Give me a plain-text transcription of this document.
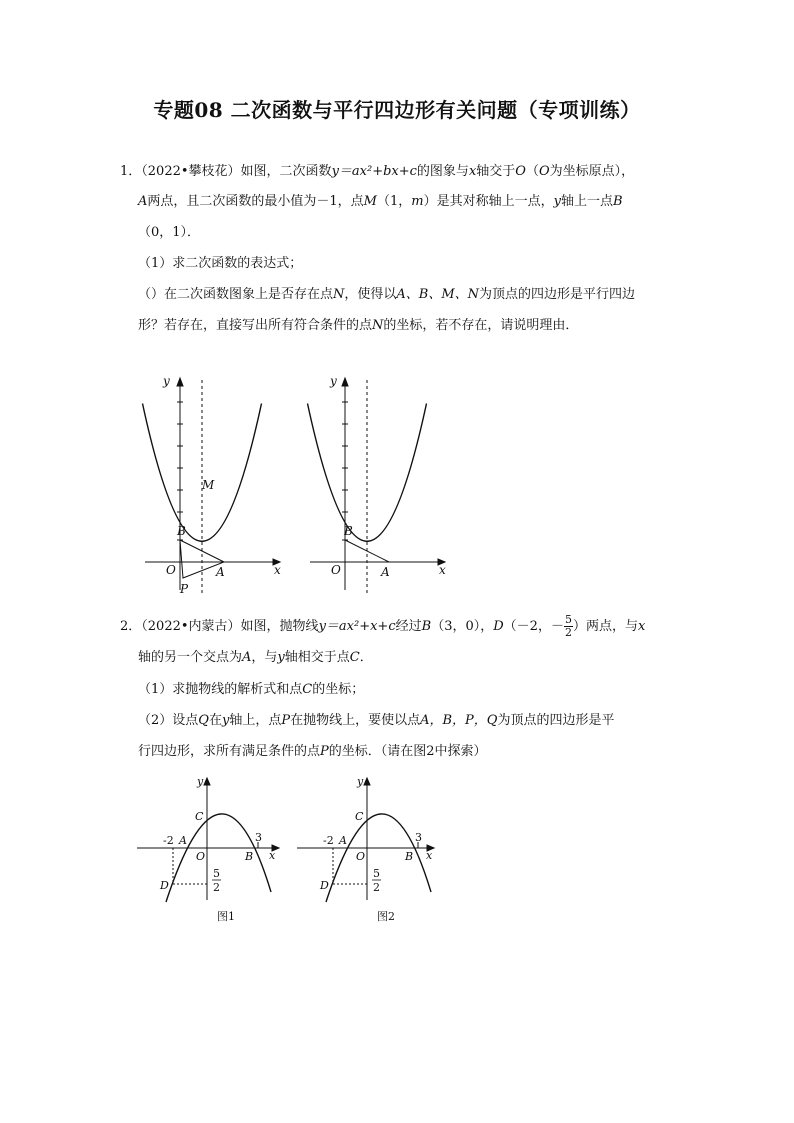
专题08 二次函数与平行四边形有关问题（专项训练）
1．（2022•攀枝花）如图，二次函数y＝ax²+bx+c的图象与x轴交于O（O为坐标原点），
A两点，且二次函数的最小值为－1，点M（1，m）是其对称轴上一点，y轴上一点B
（0，1）．
（1）求二次函数的表达式；
（）在二次函数图象上是否存在点N，使得以A、B、M、N为顶点的四边形是平行四边
形？若存在，直接写出所有符合条件的点N的坐标，若不存在，请说明理由．
y
x
O	A
B
M
P
y
x
O	A
B
2．（2022•内蒙古）如图，抛物线y＝ax²+x+c经过B（3，0），D（－2，－ $\frac{5}{2}$ ）两点，与x
轴的另一个交点为A，与y轴相交于点C．
（1）求抛物线的解析式和点C的坐标；
（2）设点Q在y轴上，点P在抛物线上，要使以点A，B，P，Q为顶点的四边形是平
行四边形，求所有满足条件的点P的坐标．（请在图2中探索）
y
x
O
A
B
C
D
-2	3
5
2
图1
y
x
O
A
B
C
D
-2	3
5
2
图2
